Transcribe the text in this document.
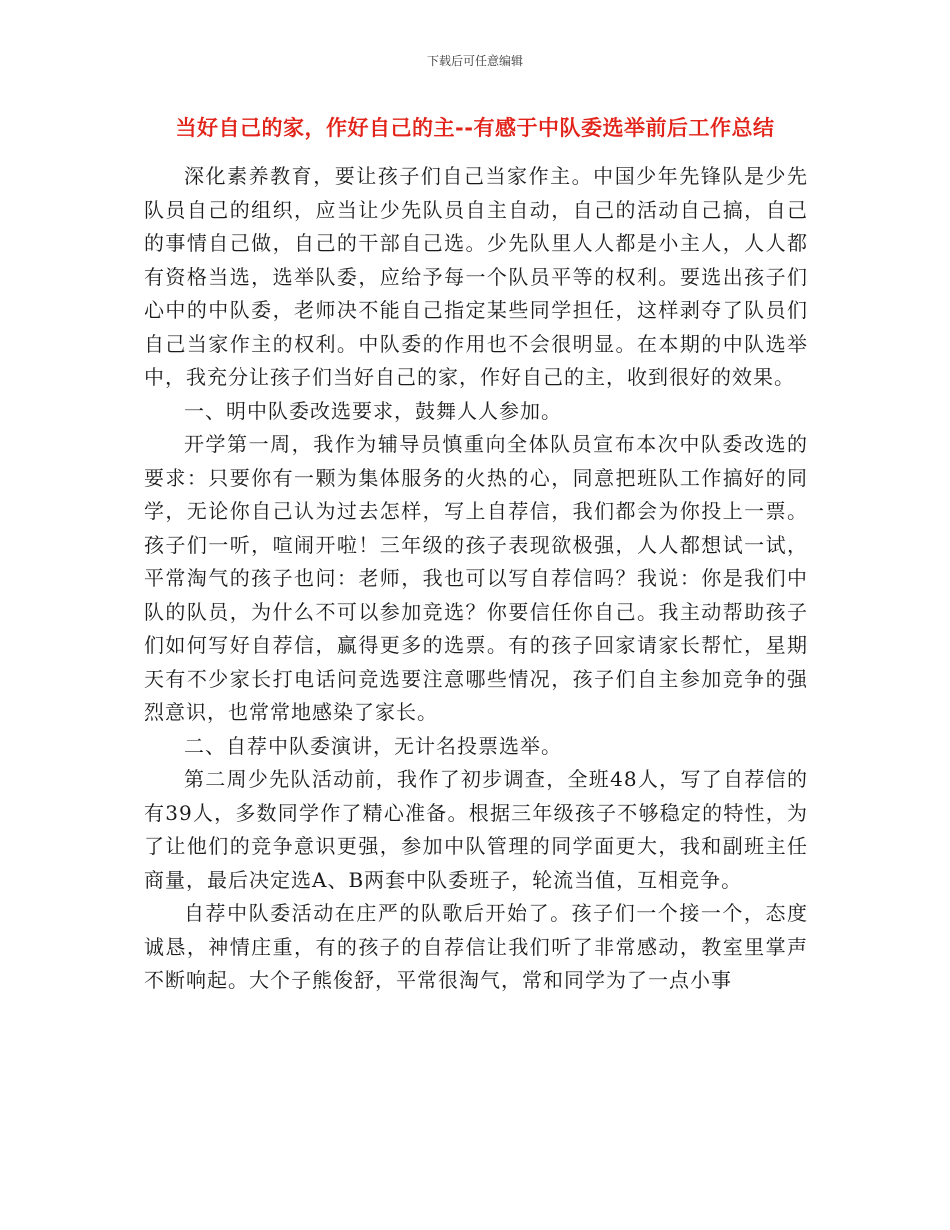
下载后可任意编辑
当好自己的家，作好自己的主--有感于中队委选举前后工作总结

深化素养教育，要让孩子们自己当家作主。中国少年先锋队是少先队员自己的组织，应当让少先队员自主自动，自己的活动自己搞，自己的事情自己做，自己的干部自己选。少先队里人人都是小主人，人人都有资格当选，选举队委，应给予每一个队员平等的权利。要选出孩子们心中的中队委，老师决不能自己指定某些同学担任，这样剥夺了队员们自己当家作主的权利。中队委的作用也不会很明显。在本期的中队选举中，我充分让孩子们当好自己的家，作好自己的主，收到很好的效果。

一、明中队委改选要求，鼓舞人人参加。

开学第一周，我作为辅导员慎重向全体队员宣布本次中队委改选的要求：只要你有一颗为集体服务的火热的心，同意把班队工作搞好的同学，无论你自己认为过去怎样，写上自荐信，我们都会为你投上一票。 孩子们一听，喧闹开啦！三年级的孩子表现欲极强，人人都想试一试，平常淘气的孩子也问：老师，我也可以写自荐信吗？我说：你是我们中队的队员，为什么不可以参加竞选？你要信任你自己。我主动帮助孩子们如何写好自荐信，赢得更多的选票。有的孩子回家请家长帮忙，星期天有不少家长打电话问竞选要注意哪些情况，孩子们自主参加竞争的强烈意识，也常常地感染了家长。

二、自荐中队委演讲，无计名投票选举。

第二周少先队活动前，我作了初步调查，全班48人，写了自荐信的有39人，多数同学作了精心准备。根据三年级孩子不够稳定的特性，为了让他们的竞争意识更强，参加中队管理的同学面更大，我和副班主任商量，最后决定选A、B两套中队委班子，轮流当值，互相竞争。

自荐中队委活动在庄严的队歌后开始了。孩子们一个接一个，态度诚恳，神情庄重，有的孩子的自荐信让我们听了非常感动，教室里掌声不断响起。大个子熊俊舒，平常很淘气，常和同学为了一点小事
